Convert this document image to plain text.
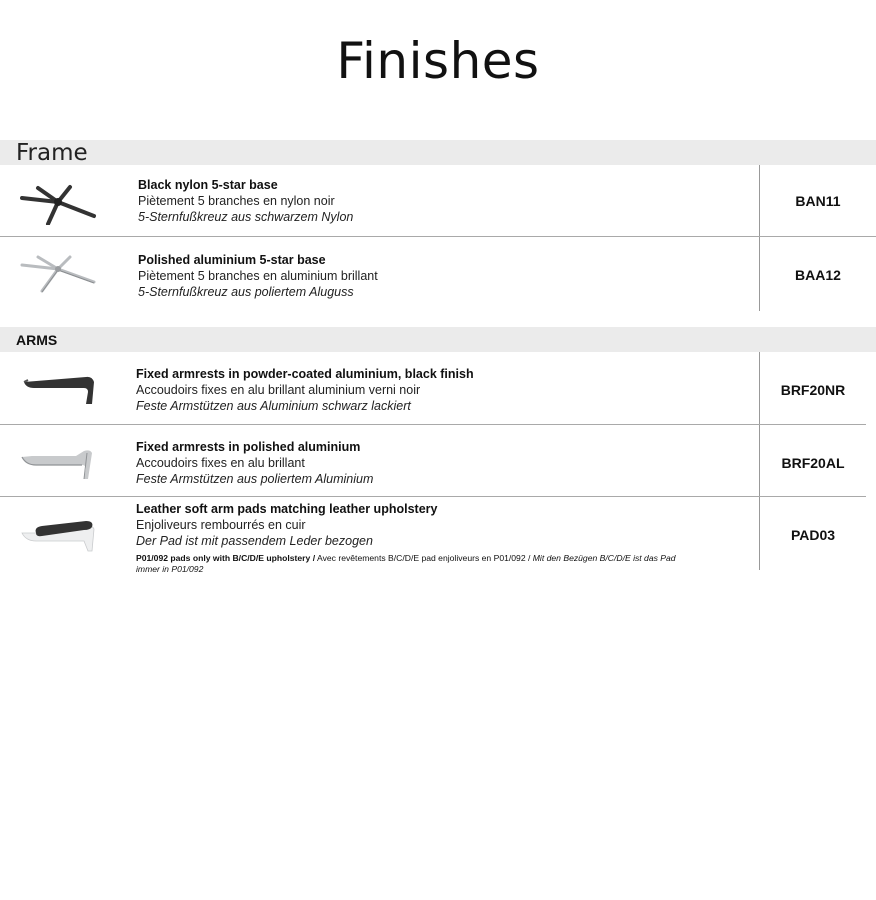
Finishes
Frame
Black nylon 5-star base
Piètement 5 branches en nylon noir
5-Sternfußkreuz aus schwarzem Nylon
BAN11
Polished aluminium 5-star base
Piètement 5 branches en aluminium brillant
5-Sternfußkreuz aus poliertem Aluguss
BAA12
ARMS
Fixed armrests in powder-coated aluminium, black finish
Accoudoirs fixes en alu brillant aluminium verni noir
Feste Armstützen aus Aluminium schwarz lackiert
BRF20NR
Fixed armrests in polished aluminium
Accoudoirs fixes en alu brillant
Feste Armstützen aus poliertem Aluminium
BRF20AL
Leather soft arm pads matching leather upholstery
Enjoliveurs rembourrés en cuir
Der Pad ist mit passendem Leder bezogen
P01/092 pads only with B/C/D/E upholstery / Avec revêtements B/C/D/E pad enjoliveurs en P01/092 / Mit den Bezügen B/C/D/E ist das Pad immer in P01/092
PAD03
